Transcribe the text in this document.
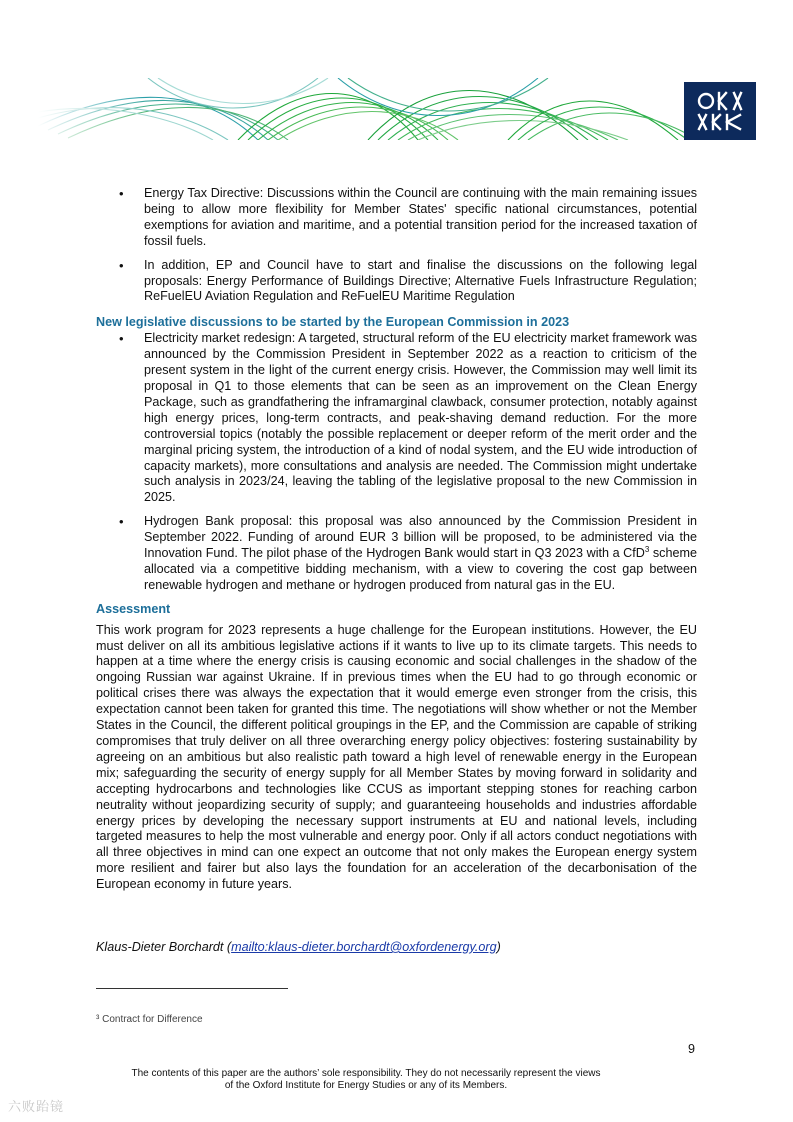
• Energy Tax Directive: Discussions within the Council are continuing with the main remaining issues being to allow more flexibility for Member States' specific national circumstances, potential exemptions for aviation and maritime, and a potential transition period for the increased taxation of fossil fuels.
• In addition, EP and Council have to start and finalise the discussions on the following legal proposals: Energy Performance of Buildings Directive; Alternative Fuels Infrastructure Regulation; ReFuelEU Aviation Regulation and ReFuelEU Maritime Regulation

New legislative discussions to be started by the European Commission in 2023

• Electricity market redesign: A targeted, structural reform of the EU electricity market framework was announced by the Commission President in September 2022 as a reaction to criticism of the present system in the light of the current energy crisis. However, the Commission may well limit its proposal in Q1 to those elements that can be seen as an improvement on the Clean Energy Package, such as grandfathering the inframarginal clawback, consumer protection, notably against high energy prices, long-term contracts, and peak-shaving demand reduction. For the more controversial topics (notably the possible replacement or deeper reform of the merit order and the marginal pricing system, the introduction of a kind of nodal system, and the EU wide introduction of capacity markets), more consultations and analysis are needed. The Commission might undertake such analysis in 2023/24, leaving the tabling of the legislative proposal to the new Commission in 2025.
• Hydrogen Bank proposal: this proposal was also announced by the Commission President in September 2022. Funding of around EUR 3 billion will be proposed, to be administered via the Innovation Fund. The pilot phase of the Hydrogen Bank would start in Q3 2023 with a CfD$^3$ scheme allocated via a competitive bidding mechanism, with a view to covering the cost gap between renewable hydrogen and methane or hydrogen produced from natural gas in the EU.

Assessment

This work program for 2023 represents a huge challenge for the European institutions. However, the EU must deliver on all its ambitious legislative actions if it wants to live up to its climate targets. This needs to happen at a time where the energy crisis is causing economic and social challenges in the shadow of the ongoing Russian war against Ukraine. If in previous times when the EU had to go through economic or political crises there was always the expectation that it would emerge even stronger from the crisis, this expectation cannot been taken for granted this time. The negotiations will show whether or not the Member States in the Council, the different political groupings in the EP, and the Commission are capable of striking compromises that truly deliver on all three overarching energy policy objectives: fostering sustainability by agreeing on an ambitious but also realistic path toward a high level of renewable energy in the European mix; safeguarding the security of energy supply for all Member States by moving forward in solidarity and accepting hydrocarbons and technologies like CCUS as important stepping stones for reaching carbon neutrality without jeopardizing security of supply; and guaranteeing households and industries affordable energy prices by developing the necessary support instruments at EU and national levels, including targeted measures to help the most vulnerable and energy poor. Only if all actors conduct negotiations with all three objectives in mind can one expect an outcome that not only makes the European energy system more resilient and fairer but also lays the foundation for an acceleration of the decarbonisation of the European economy in future years.

Klaus-Dieter Borchardt (mailto:klaus-dieter.borchardt@oxfordenergy.org)
³ Contract for Difference
9
The contents of this paper are the authors’ sole responsibility. They do not necessarily represent the views
of the Oxford Institute for Energy Studies or any of its Members.
六败跆镜
